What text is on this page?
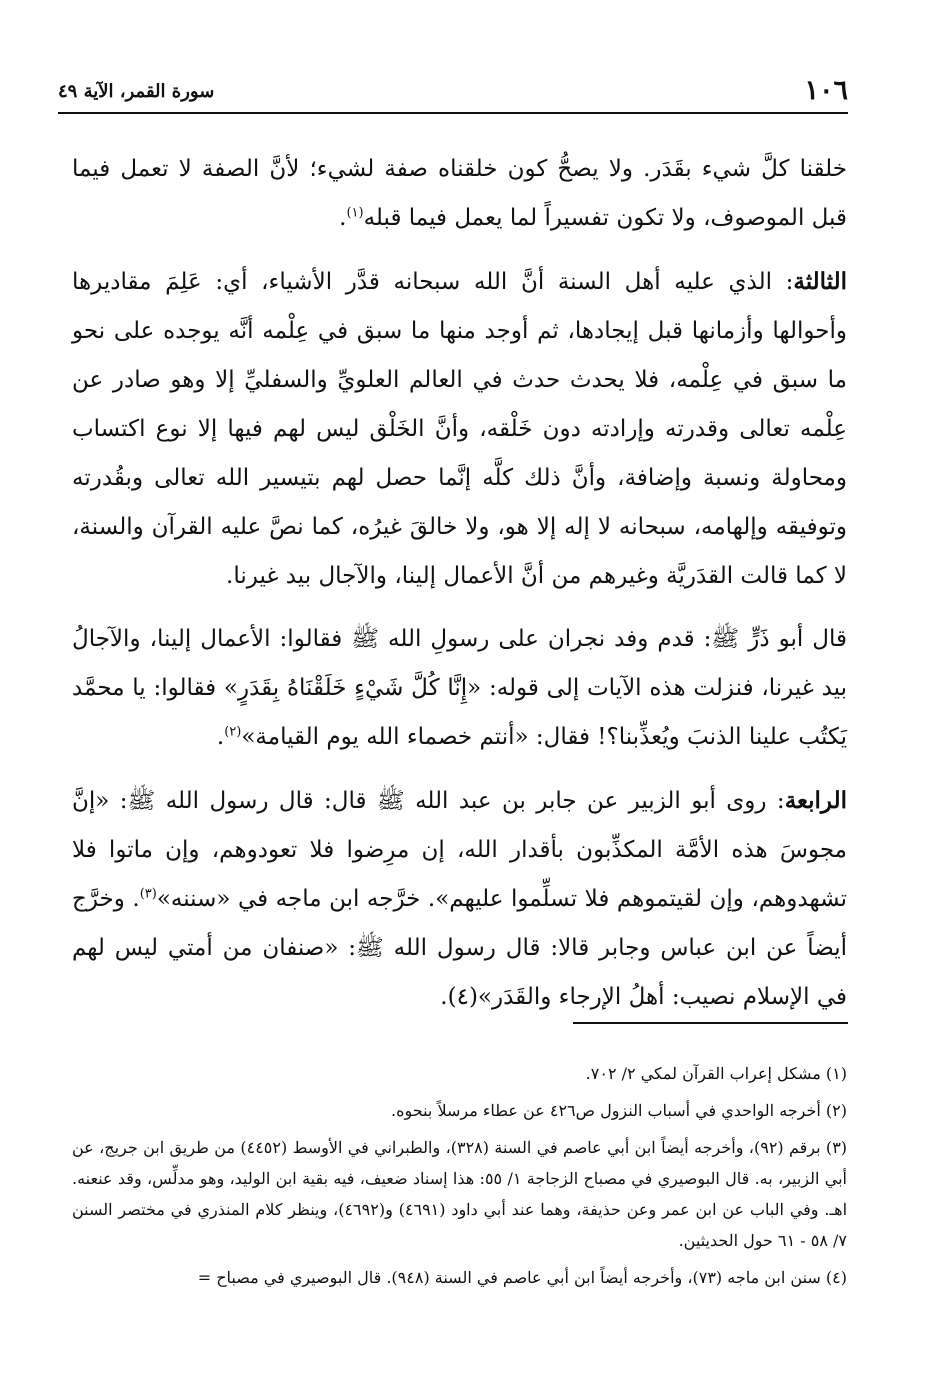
١٠٦
سورة القمر، الآية ٤٩

خلقنا كلَّ شيء بقَدَر. ولا يصحُّ كون خلقناه صفة لشيء؛ لأنَّ الصفة لا تعمل فيما قبل الموصوف، ولا تكون تفسيراً لما يعمل فيما قبله$^{(١)}$.

الثالثة: الذي عليه أهل السنة أنَّ الله سبحانه قدَّر الأشياء، أي: عَلِمَ مقاديرها وأحوالها وأزمانها قبل إيجادها، ثم أوجد منها ما سبق في عِلْمه أنَّه يوجده على نحو ما سبق في عِلْمه، فلا يحدث حدث في العالم العلويِّ والسفليِّ إلا وهو صادر عن عِلْمه تعالى وقدرته وإرادته دون خَلْقه، وأنَّ الخَلْق ليس لهم فيها إلا نوع اكتساب ومحاولة ونسبة وإضافة، وأنَّ ذلك كلَّه إنَّما حصل لهم بتيسير الله تعالى وبقُدرته وتوفيقه وإلهامه، سبحانه لا إله إلا هو، ولا خالقَ غيرُه، كما نصَّ عليه القرآن والسنة، لا كما قالت القدَريَّة وغيرهم من أنَّ الأعمال إلينا، والآجال بيد غيرنا.

قال أبو ذَرٍّ ﷺ: قدم وفد نجران على رسولِ الله ﷺ فقالوا: الأعمال إلينا، والآجالُ بيد غيرنا، فنزلت هذه الآيات إلى قوله: «إِنَّا كُلَّ شَيْءٍ خَلَقْنَاهُ بِقَدَرٍ» فقالوا: يا محمَّد يَكتُب علينا الذنبَ ويُعذِّبنا؟! فقال: «أنتم خصماء الله يوم القيامة»$^{(٢)}$.

الرابعة: روى أبو الزبير عن جابر بن عبد الله ﷺ قال: قال رسول الله ﷺ: «إنَّ مجوسَ هذه الأمَّة المكذِّبون بأقدار الله، إن مرِضوا فلا تعودوهم، وإن ماتوا فلا تشهدوهم، وإن لقيتموهم فلا تسلِّموا عليهم». خرَّجه ابن ماجه في «سننه»$^{(٣)}$. وخرَّج أيضاً عن ابن عباس وجابر قالا: قال رسول الله ﷺ: «صنفان من أمتي ليس لهم في الإسلام نصيب: أهلُ الإرجاء والقَدَر»(٤).

(١) مشكل إعراب القرآن لمكي ٢/ ٧٠٢.

(٢) أخرجه الواحدي في أسباب النزول ص٤٢٦ عن عطاء مرسلاً بنحوه.

(٣) برقم (٩٢)، وأخرجه أيضاً ابن أبي عاصم في السنة (٣٢٨)، والطبراني في الأوسط (٤٤٥٢) من طريق ابن جريج، عن أبي الزبير، به. قال البوصيري في مصباح الزجاجة ١/ ٥٥: هذا إسناد ضعيف، فيه بقية ابن الوليد، وهو مدلِّس، وقد عنعنه. اهـ. وفي الباب عن ابن عمر وعن حذيفة، وهما عند أبي داود (٤٦٩١) و(٤٦٩٢)، وينظر كلام المنذري في مختصر السنن ٧/ ٥٨ - ٦١ حول الحديثين.

(٤) سنن ابن ماجه (٧٣)، وأخرجه أيضاً ابن أبي عاصم في السنة (٩٤٨). قال البوصيري في مصباح =
